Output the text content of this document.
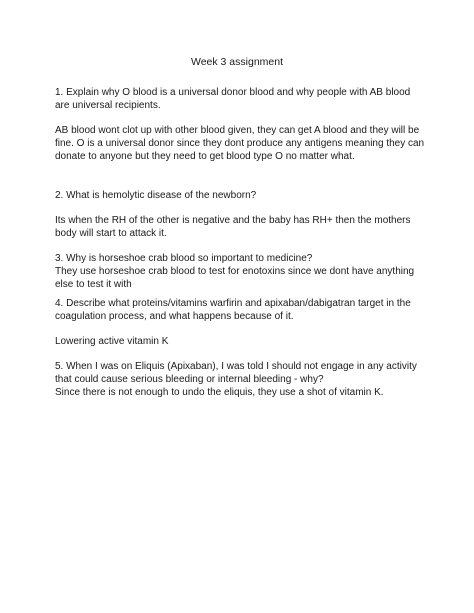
Week 3 assignment

1. Explain why O blood is a universal donor blood and why people with AB blood are universal recipients.

AB blood wont clot up with other blood given, they can get A blood and they will be fine. O is a universal donor since they dont produce any antigens meaning they can donate to anyone but they need to get blood type O no matter what.

2. What is hemolytic disease of the newborn?

Its when the RH of the other is negative and the baby has RH+ then the mothers body will start to attack it.

3. Why is horseshoe crab blood so important to medicine?

They use horseshoe crab blood to test for enotoxins since we dont have anything else to test it with

4. Describe what proteins/vitamins warfirin and apixaban/dabigatran target in the coagulation process, and what happens because of it.

Lowering active vitamin K

5. When I was on Eliquis (Apixaban), I was told I should not engage in any activity that could cause serious bleeding or internal bleeding - why?

Since there is not enough to undo the eliquis, they use a shot of vitamin K.
